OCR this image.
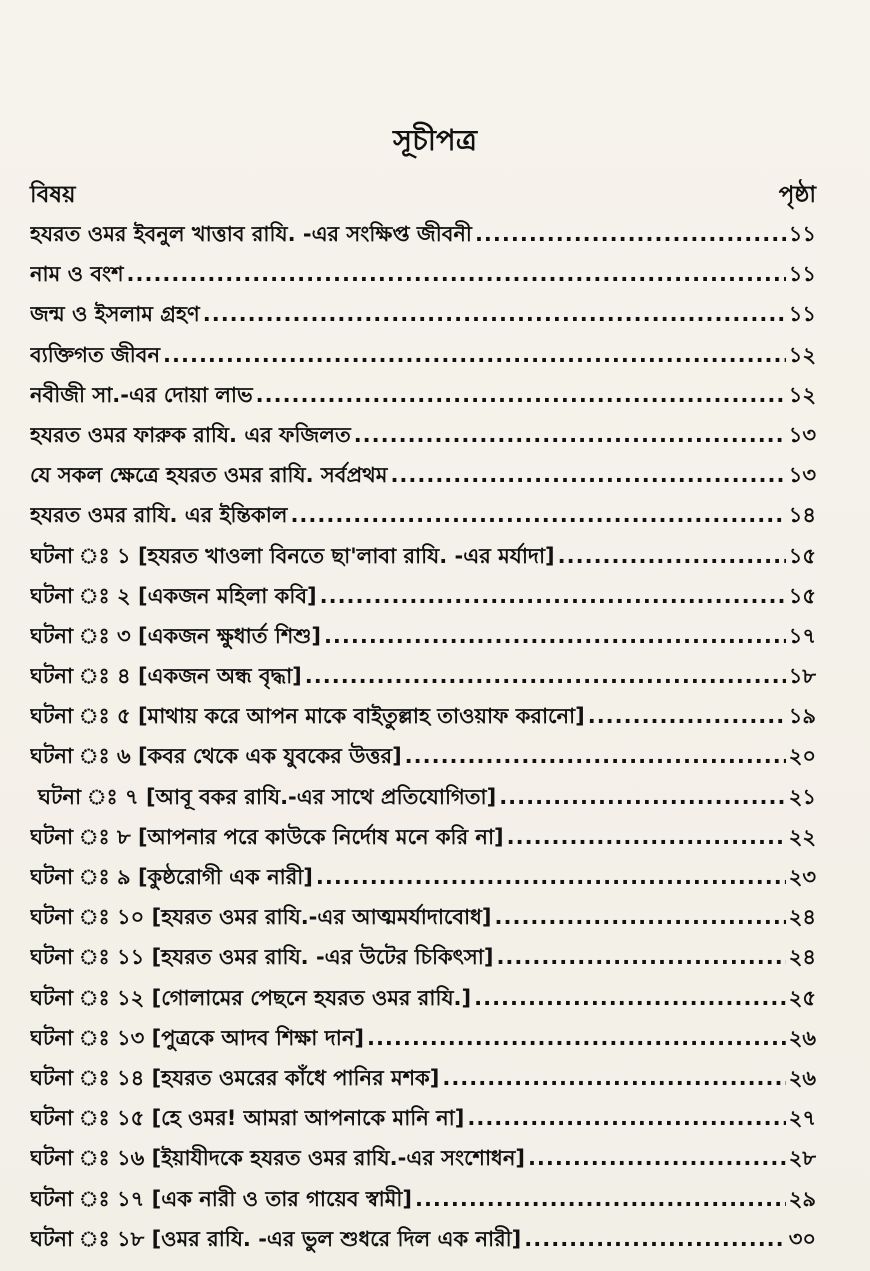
সূচীপত্র
বিষয়	পৃষ্ঠা
হযরত ওমর ইবনুল খাত্তাব রাযি. -এর সংক্ষিপ্ত জীবনী .....	১১
নাম ও বংশ .....	১১
জন্ম ও ইসলাম গ্রহণ .....	১১
ব্যক্তিগত জীবন .....	১২
নবীজী সা.-এর দোয়া লাভ .....	১২
হযরত ওমর ফারুক রাযি. এর ফজিলত .....	১৩
যে সকল ক্ষেত্রে হযরত ওমর রাযি. সর্বপ্রথম .....	১৩
হযরত ওমর রাযি. এর ইন্তিকাল .....	১৪
ঘটনা ঃ ১ [হযরত খাওলা বিনতে ছা'লাবা রাযি. -এর মর্যাদা] .....	১৫
ঘটনা ঃ ২ [একজন মহিলা কবি] .....	১৫
ঘটনা ঃ ৩ [একজন ক্ষুধার্ত শিশু] .....	১৭
ঘটনা ঃ ৪ [একজন অন্ধ বৃদ্ধা] .....	১৮
ঘটনা ঃ ৫ [মাথায় করে আপন মাকে বাইতুল্লাহ তাওয়াফ করানো] .....	১৯
ঘটনা ঃ ৬ [কবর থেকে এক যুবকের উত্তর] .....	২০
ঘটনা ঃ ৭ [আবূ বকর রাযি.-এর সাথে প্রতিযোগিতা] .....	২১
ঘটনা ঃ ৮ [আপনার পরে কাউকে নির্দোষ মনে করি না] .....	২২
ঘটনা ঃ ৯ [কুষ্ঠরোগী এক নারী] .....	২৩
ঘটনা ঃ ১০ [হযরত ওমর রাযি.-এর আত্মমর্যাদাবোধ] .....	২৪
ঘটনা ঃ ১১ [হযরত ওমর রাযি. -এর উটের চিকিৎসা] .....	২৪
ঘটনা ঃ ১২ [গোলামের পেছনে হযরত ওমর রাযি.] .....	২৫
ঘটনা ঃ ১৩ [পুত্রকে আদব শিক্ষা দান] .....	২৬
ঘটনা ঃ ১৪ [হযরত ওমরের কাঁধে পানির মশক] .....	২৬
ঘটনা ঃ ১৫ [হে ওমর! আমরা আপনাকে মানি না] .....	২৭
ঘটনা ঃ ১৬ [ইয়াযীদকে হযরত ওমর রাযি.-এর সংশোধন] .....	২৮
ঘটনা ঃ ১৭ [এক নারী ও তার গায়েব স্বামী] .....	২৯
ঘটনা ঃ ১৮ [ওমর রাযি. -এর ভুল শুধরে দিল এক নারী] .....	৩০
